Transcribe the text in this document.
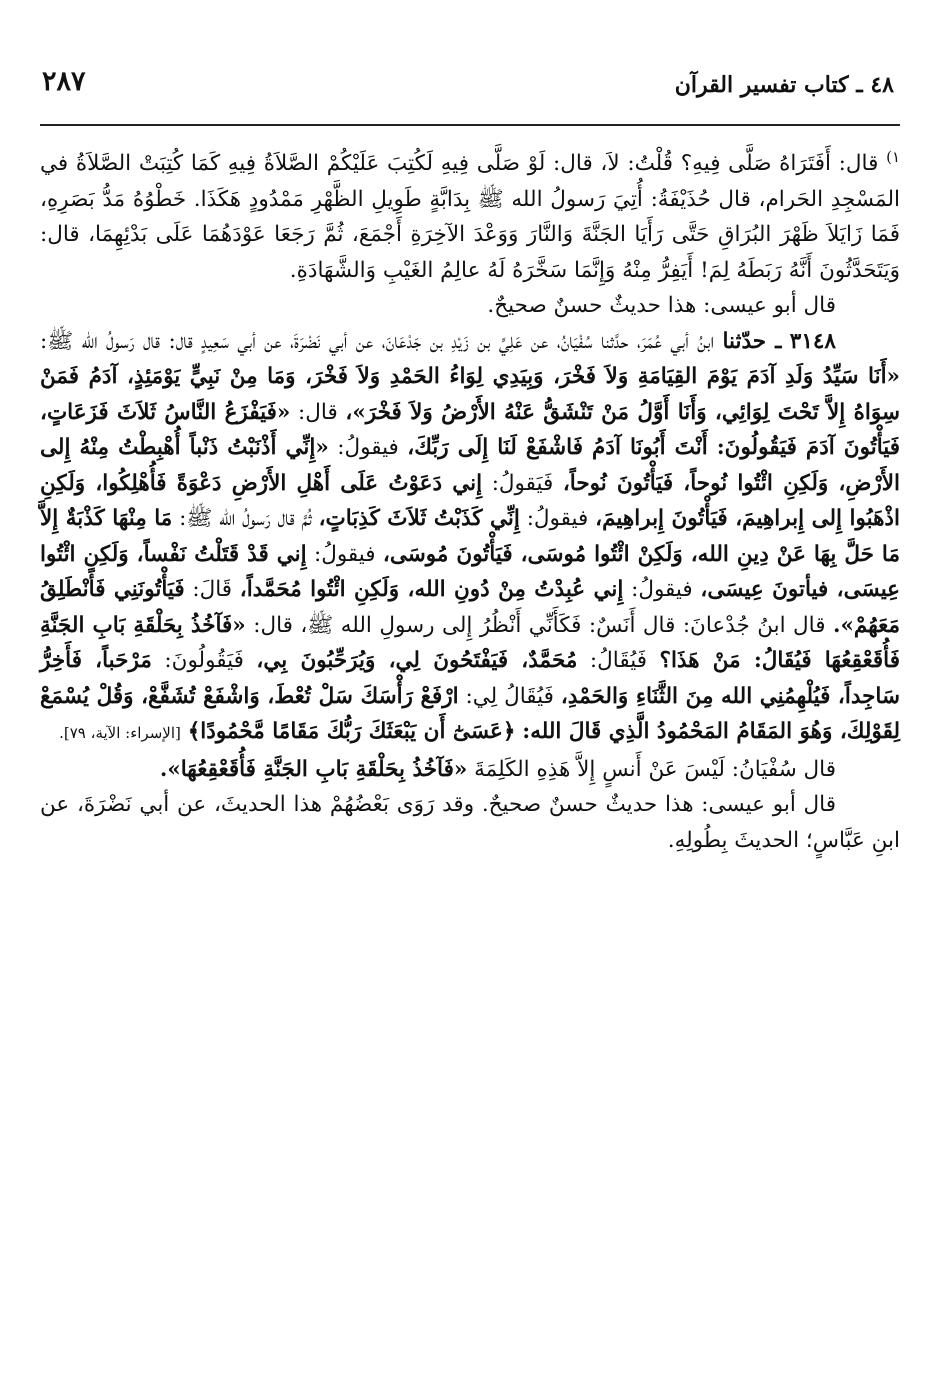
٢٨٧	٤٨ ـ كتاب تفسير القرآن

$^{١)}$ قال: أَفَتَرَاهُ صَلَّى فِيهِ؟ قُلْتُ: لاَ، قال: لَوْ صَلَّى فِيهِ لَكُتِبَ عَلَيْكُمْ الصَّلاَةُ فِيهِ كَمَا كُتِبَتْ الصَّلاَةُ في المَسْجِدِ الحَرام، قال حُذَيْفَةُ: أُتِيَ رَسولُ الله ﷺ بِدَابَّةٍ طَوِيلِ الظَّهْرِ مَمْدُودٍ هَكَذَا. خَطْوُهُ مَدُّ بَصَرِهِ، فَمَا زَايَلاَ ظَهْرَ البُرَاقِ حَتَّى رَأَيَا الجَنَّةَ وَالنَّارَ وَوَعْدَ الآخِرَةِ أَجْمَعَ، ثُمَّ رَجَعَا عَوْدَهُمَا عَلَى بَدْئِهِمَا، قال: وَيَتَحَدَّثُونَ أَنَّهُ رَبَطَهُ لِمَ! أَيَفِرُّ مِنْهُ وَإِنَّمَا سَخَّرَهُ لَهُ عالِمُ الغَيْبِ وَالشَّهَادَةِ.

قال أبو عيسى: هذا حديثٌ حسنٌ صحيحٌ.

٣١٤٨ ـ حدّثنا ابنُ أبي عُمَرَ، حدَّثنا سُفْيَانُ، عن عَلِيِّ بن زَيْدِ بن جَدْعَانَ، عن أبي نَضْرَةَ، عن أبي سَعِيدٍ قال: قال رَسولُ الله ﷺ: «أَنَا سَيِّدُ وَلَدِ آدَمَ يَوْمَ القِيَامَةِ وَلاَ فَخْرَ، وَبِيَدِي لِوَاءُ الحَمْدِ وَلاَ فَخْرَ، وَمَا مِنْ نَبِيٍّ يَوْمَئِذٍ، آدَمُ فَمَنْ سِوَاهُ إِلاَّ تَحْتَ لِوَائِي، وَأَنَا أَوَّلُ مَنْ تَنْشَقُّ عَنْهُ الأَرْضُ وَلاَ فَخْرَ»، قال: «فَيَفْزَعُ النَّاسُ ثَلاَثَ فَزَعَاتٍ، فَيَأْتُونَ آدَمَ فَيَقُولُونَ: أَنْتَ أَبُونَا آدَمُ فَاشْفَعْ لَنَا إِلَى رَبِّكَ، فيقولُ: «إِنِّي أَذْنَبْتُ ذَنْباً أُهْبِطْتُ مِنْهُ إِلى الأَرْضِ، وَلَكِنِ ائْتُوا نُوحاً، فَيَأْتُونَ نُوحاً، فَيَقولُ: إِني دَعَوْتُ عَلَى أَهْلِ الأَرْضِ دَعْوَةً فَأُهْلِكُوا، وَلَكِنِ اذْهَبُوا إِلى إِبراهِيمَ، فَيَأْتُونَ إِبراهِيمَ، فيقولُ: إِنِّي كَذَبْتُ ثَلاَثَ كَذِبَاتٍ، ثُمَّ قال رَسولُ الله ﷺ: مَا مِنْهَا كَذْبَةٌ إِلاَّ مَا حَلَّ بِهَا عَنْ دِينِ الله، وَلَكِنْ ائْتُوا مُوسَى، فَيَأْتُونَ مُوسَى، فيقولُ: إِني قَدْ قَتَلْتُ نَفْساً، وَلَكِنِ ائْتُوا عِيسَى، فيأتونَ عِيسَى، فيقولُ: إِني عُبِدْتُ مِنْ دُونِ الله، وَلَكِنِ ائْتُوا مُحَمَّداً، قَالَ: فَيَأْتُونَنِي فَأَنْطَلِقُ مَعَهُمْ». قال ابنُ جُدْعانَ: قال أَنَسٌ: فَكَأَنِّي أَنْظُرُ إِلى رسولِ الله ﷺ، قال: «فَآخُذُ بِحَلْقَةِ بَابِ الجَنَّةِ فَأُقَعْقِعُهَا فَيُقَالُ: مَنْ هَذَا؟ فَيُقَالُ: مُحَمَّدٌ، فَيَفْتَحُونَ لِي، وَيُرَحِّبُونَ بِي، فَيَقُولُونَ: مَرْحَباً، فَأَخِرُّ سَاجِداً، فَيُلْهِمُنِي الله مِنَ الثَّنَاءِ وَالحَمْدِ، فَيُقَالُ لِي: ارْفَعْ رَأْسَكَ سَلْ تُعْطَ، وَاشْفَعْ تُشَفَّعْ، وَقُلْ يُسْمَعْ لِقَوْلِكَ، وَهُوَ المَقَامُ المَحْمُودُ الَّذِي قَالَ الله: ﴿عَسَىٰٓ أَن يَبْعَثَكَ رَبُّكَ مَقَامًا مَّحْمُودًا﴾ [الإسراء: الآية، ٧٩].

قال سُفْيَانُ: لَيْسَ عَنْ أَنسٍ إِلاَّ هَذِهِ الكَلِمَةَ «فَآخُذُ بِحَلْقَةِ بَابِ الجَنَّةِ فَأُقَعْقِعُهَا».

قال أبو عيسى: هذا حديثٌ حسنٌ صحيحٌ. وقد رَوَى بَعْضُهُمْ هذا الحديثَ، عن أبي نَضْرَةَ، عن ابنِ عَبَّاسٍ؛ الحديثَ بِطُولِهِ.
